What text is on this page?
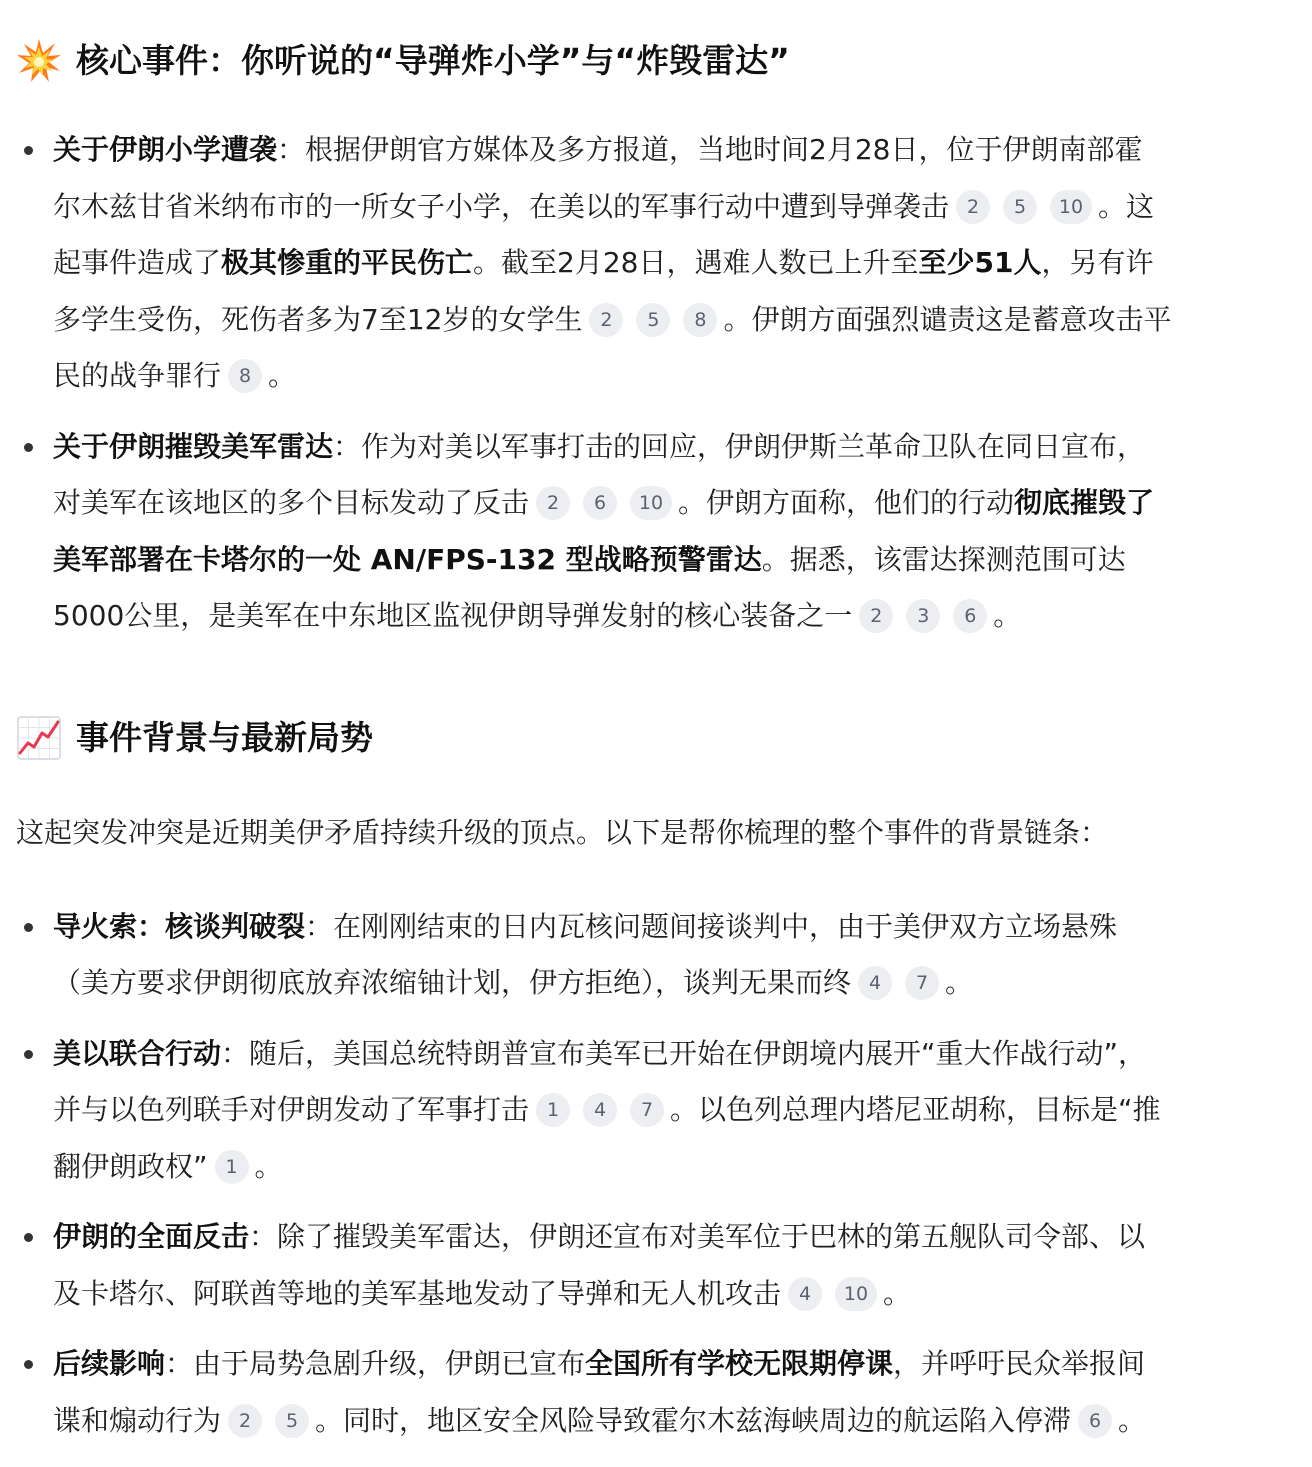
核心事件：你听说的“导弹炸小学”与“炸毁雷达”
关于伊朗小学遭袭：根据伊朗官方媒体及多方报道，当地时间2月28日，位于伊朗南部霍
尔木兹甘省米纳布市的一所女子小学，在美以的军事行动中遭到导弹袭击 2 5 10 。这
起事件造成了极其惨重的平民伤亡。截至2月28日，遇难人数已上升至至少51人，另有许
多学生受伤，死伤者多为7至12岁的女学生 2 5 8 。伊朗方面强烈谴责这是蓄意攻击平
民的战争罪行 8 。
关于伊朗摧毁美军雷达：作为对美以军事打击的回应，伊朗伊斯兰革命卫队在同日宣布，
对美军在该地区的多个目标发动了反击 2 6 10 。伊朗方面称，他们的行动彻底摧毁了
美军部署在卡塔尔的一处 AN/FPS-132 型战略预警雷达。据悉，该雷达探测范围可达
5000公里，是美军在中东地区监视伊朗导弹发射的核心装备之一 2 3 6 。
事件背景与最新局势

这起突发冲突是近期美伊矛盾持续升级的顶点。以下是帮你梳理的整个事件的背景链条：

导火索：核谈判破裂：在刚刚结束的日内瓦核问题间接谈判中，由于美伊双方立场悬殊
（美方要求伊朗彻底放弃浓缩铀计划，伊方拒绝），谈判无果而终 4 7 。
美以联合行动：随后，美国总统特朗普宣布美军已开始在伊朗境内展开“重大作战行动”，
并与以色列联手对伊朗发动了军事打击 1 4 7 。以色列总理内塔尼亚胡称，目标是“推
翻伊朗政权” 1 。
伊朗的全面反击：除了摧毁美军雷达，伊朗还宣布对美军位于巴林的第五舰队司令部、以
及卡塔尔、阿联酋等地的美军基地发动了导弹和无人机攻击 4 10 。
后续影响：由于局势急剧升级，伊朗已宣布全国所有学校无限期停课，并呼吁民众举报间
谍和煽动行为 2 5 。同时，地区安全风险导致霍尔木兹海峡周边的航运陷入停滞 6 。
